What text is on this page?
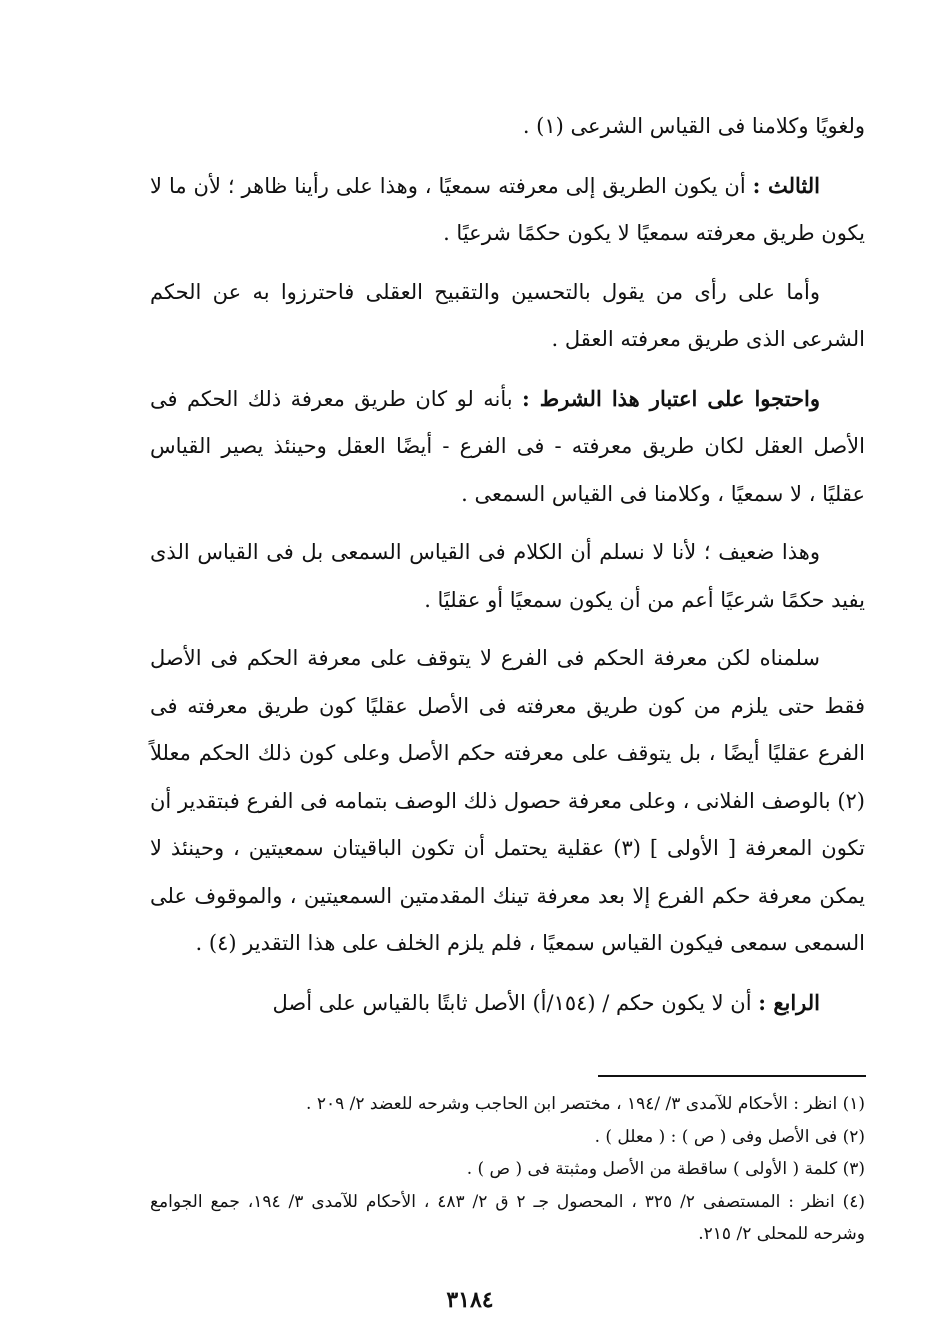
ولغويًا وكلامنا فى القياس الشرعى (١) .

الثالث : أن يكون الطريق إلى معرفته سمعيًا ، وهذا على رأينا ظاهر ؛ لأن ما لا يكون طريق معرفته سمعيًا لا يكون حكمًا شرعيًا .

وأما على رأى من يقول بالتحسين والتقبيح العقلى فاحترزوا به عن الحكم الشرعى الذى طريق معرفته العقل .

واحتجوا على اعتبار هذا الشرط : بأنه لو كان طريق معرفة ذلك الحكم فى الأصل العقل لكان طريق معرفته - فى الفرع - أيضًا العقل وحينئذ يصير القياس عقليًا ، لا سمعيًا ، وكلامنا فى القياس السمعى .

وهذا ضعيف ؛ لأنا لا نسلم أن الكلام فى القياس السمعى بل فى القياس الذى يفيد حكمًا شرعيًا أعم من أن يكون سمعيًا أو عقليًا .

سلمناه لكن معرفة الحكم فى الفرع لا يتوقف على معرفة الحكم فى الأصل فقط حتى يلزم من كون طريق معرفته فى الأصل عقليًا كون طريق معرفته فى الفرع عقليًا أيضًا ، بل يتوقف على معرفته حكم الأصل وعلى كون ذلك الحكم معللاً (٢) بالوصف الفلانى ، وعلى معرفة حصول ذلك الوصف بتمامه فى الفرع فبتقدير أن تكون المعرفة [ الأولى ] (٣) عقلية يحتمل أن تكون الباقيتان سمعيتين ، وحينئذ لا يمكن معرفة حكم الفرع إلا بعد معرفة تينك المقدمتين السمعيتين ، والموقوف على السمعى سمعى فيكون القياس سمعيًا ، فلم يلزم الخلف على هذا التقدير (٤) .

الرابع : أن لا يكون حكم / (١٥٤/أ) الأصل ثابتًا بالقياس على أصل

(١) انظر : الأحكام للآمدى ٣/ /١٩٤ ، مختصر ابن الحاجب وشرحه للعضد ٢/ ٢٠٩ .

(٢) فى الأصل وفى ( ص ) : ( معلل ) .

(٣) كلمة ( الأولى ) ساقطة من الأصل ومثبتة فى ( ص ) .

(٤) انظر : المستصفى ٢/ ٣٢٥ ، المحصول جـ ٢ ق ٢/ ٤٨٣ ، الأحكام للآمدى ٣/ ١٩٤، جمع الجوامع وشرحه للمحلى ٢/ ٢١٥.

٣١٨٤
